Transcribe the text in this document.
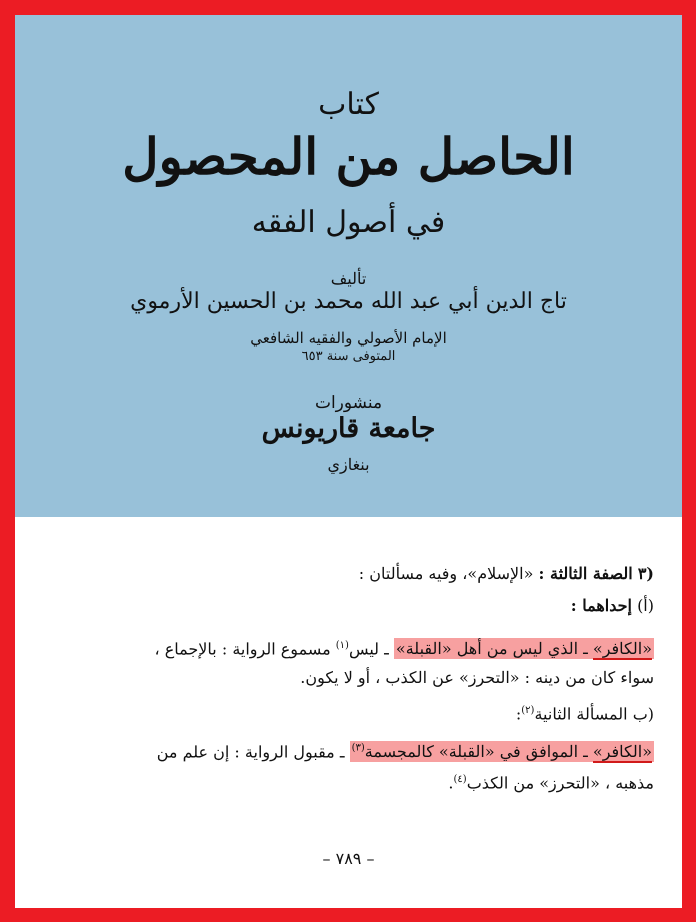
كتاب
الحاصل من المحصول
في أصول الفقه
تأليف
تاج الدين أبي عبد الله محمد بن الحسين الأرموي
الإمام الأصولي والفقيه الشافعي
المتوفى سنة ٦٥٣
منشورات
جامعة قاريونس
بنغازي
(٣ الصفة الثالثة : «الإسلام»، وفيه مسألتان :
(أ) إحداهما :
«الكافر» ـ الذي ليس من أهل «القبلة» ـ ليس$^{(١)}$ مسموع الرواية : بالإجماع ،
سواء كان من دينه : «التحرز» عن الكذب ، أو لا يكون.
(ب المسألة الثانية$^{(٢)}$:
«الكافر» ـ الموافق في «القبلة» كالمجسمة$^{(٣)}$ ـ مقبول الرواية : إن علم من
مذهبه ، «التحرز» من الكذب$^{(٤)}$.
– ٧٨٩ –
